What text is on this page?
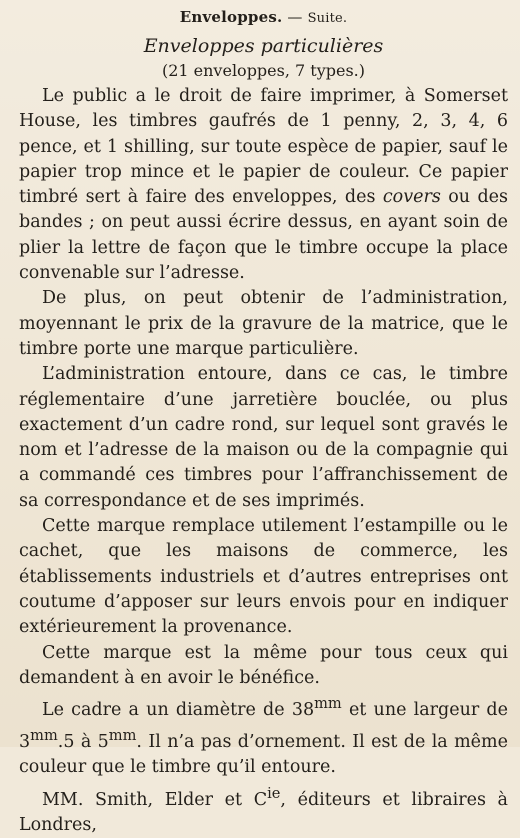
Enveloppes. — Suite.

Enveloppes particulières

(21 enveloppes, 7 types.)

Le public a le droit de faire imprimer, à Somerset House, les timbres gaufrés de 1 penny, 2, 3, 4, 6 pence, et 1 shilling, sur toute espèce de papier, sauf le papier trop mince et le papier de couleur. Ce papier timbré sert à faire des enveloppes, des covers ou des bandes ; on peut aussi écrire dessus, en ayant soin de plier la lettre de façon que le timbre occupe la place convenable sur l’adresse.

De plus, on peut obtenir de l’administration, moyennant le prix de la gravure de la matrice, que le timbre porte une marque particulière.

L’administration entoure, dans ce cas, le timbre réglementaire d’une jarretière bouclée, ou plus exactement d’un cadre rond, sur lequel sont gravés le nom et l’adresse de la maison ou de la compagnie qui a commandé ces timbres pour l’affranchissement de sa correspondance et de ses imprimés.

Cette marque remplace utilement l’estampille ou le cachet, que les maisons de commerce, les établissements industriels et d’autres entreprises ont coutume d’apposer sur leurs envois pour en indiquer extérieurement la provenance.

Cette marque est la même pour tous ceux qui demandent à en avoir le bénéfice.

Le cadre a un diamètre de $38^{mm}$ et une largeur de $3^{mm}.5$ à $5^{mm}$. Il n’a pas d’ornement. Il est de la même couleur que le timbre qu’il entoure.

MM. Smith, Elder et $C^{ie}$, éditeurs et libraires à Londres,
